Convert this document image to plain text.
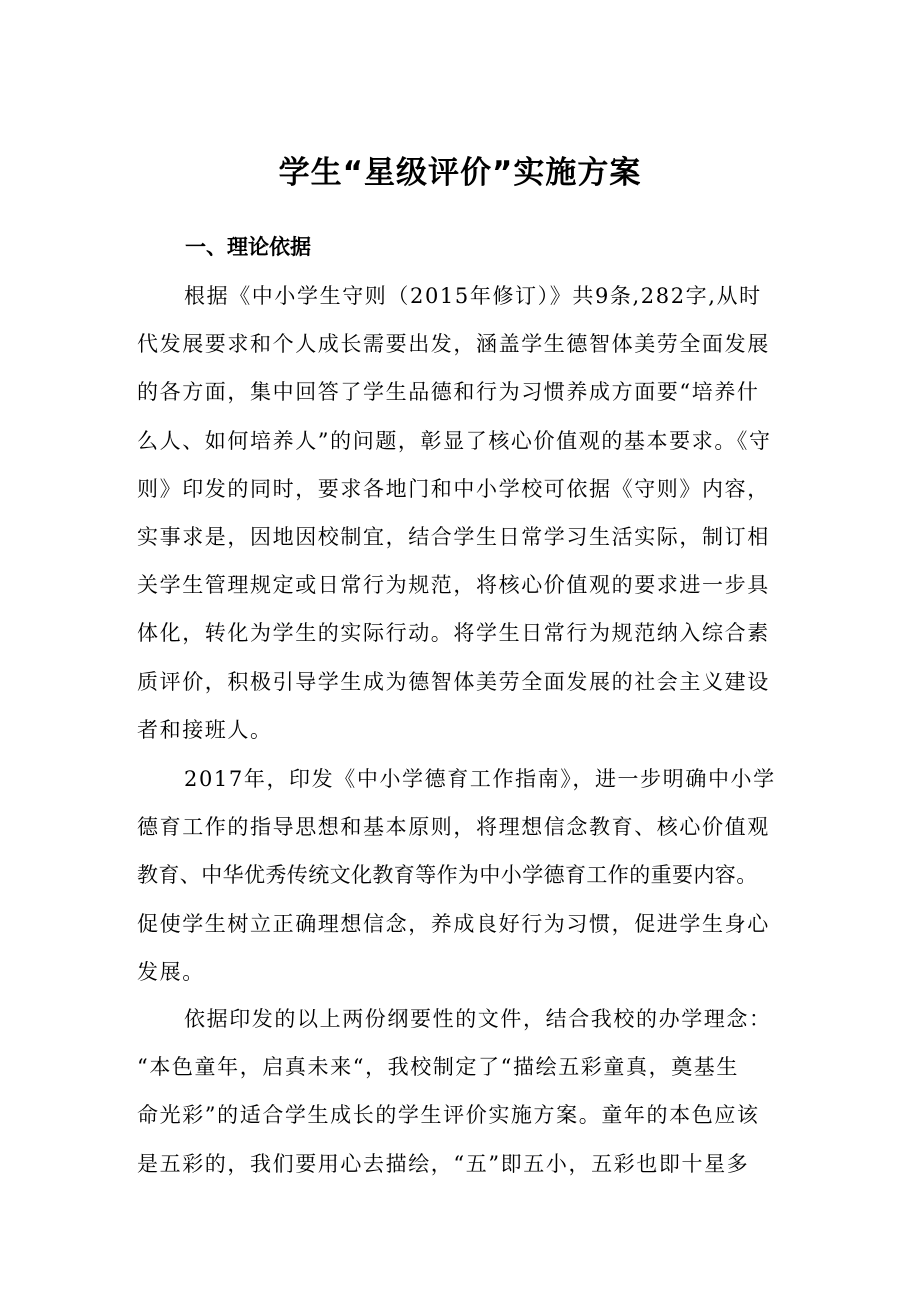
学生“星级评价”实施方案
一、理论依据
根据《中小学生守则（2015年修订）》共9条,282字,从时
代发展要求和个人成长需要出发，涵盖学生德智体美劳全面发展
的各方面，集中回答了学生品德和行为习惯养成方面要“培养什
么人、如何培养人”的问题，彰显了核心价值观的基本要求。《守
则》印发的同时，要求各地门和中小学校可依据《守则》内容，
实事求是，因地因校制宜，结合学生日常学习生活实际，制订相
关学生管理规定或日常行为规范，将核心价值观的要求进一步具
体化，转化为学生的实际行动。将学生日常行为规范纳入综合素
质评价，积极引导学生成为德智体美劳全面发展的社会主义建设
者和接班人。
2017年，印发《中小学德育工作指南》，进一步明确中小学
德育工作的指导思想和基本原则，将理想信念教育、核心价值观
教育、中华优秀传统文化教育等作为中小学德育工作的重要内容。
促使学生树立正确理想信念，养成良好行为习惯，促进学生身心
发展。
依据印发的以上两份纲要性的文件，结合我校的办学理念：
“本色童年，启真未来“，我校制定了“描绘五彩童真，奠基生
命光彩”的适合学生成长的学生评价实施方案。童年的本色应该
是五彩的，我们要用心去描绘，“五”即五小，五彩也即十星多
